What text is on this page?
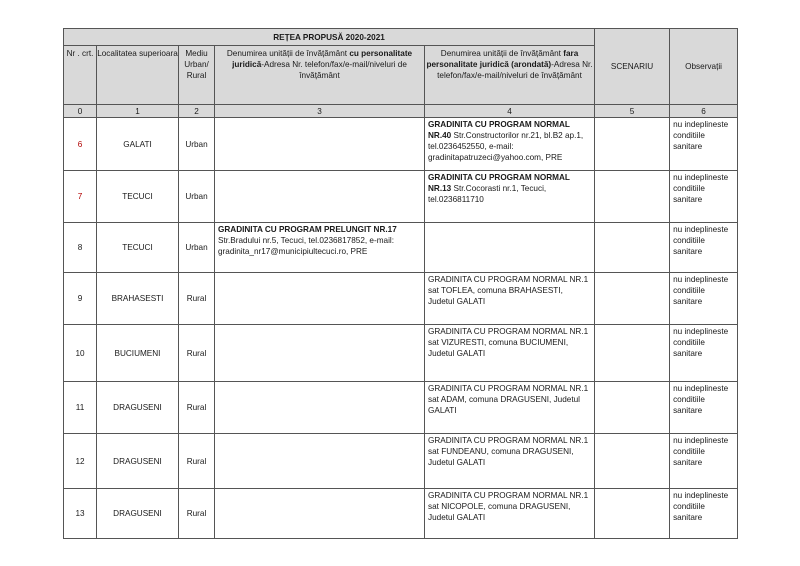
REȚEA PROPUSĂ 2020-2021					SCENARIU	Observații
Nr . crt.	Localitatea superioara	Mediu Urban/ Rural	Denumirea unității de învățământ cu personalitate juridică-Adresa Nr. telefon/fax/e-mail/niveluri de învățământ	Denumirea unității de învățământ fara personalitate juridică (arondată)-Adresa Nr. telefon/fax/e-mail/niveluri de învățământ		
0	1	2	3	4	5	6
6	GALATI	Urban		GRADINITA CU PROGRAM NORMAL NR.40 Str.Constructorilor nr.21, bl.B2 ap.1, tel.0236452550, e-mail: gradinitapatruzeci@yahoo.com, PRE		nu indeplineste conditiile sanitare
7	TECUCI	Urban		GRADINITA CU PROGRAM NORMAL NR.13 Str.Cocorasti nr.1, Tecuci, tel.0236811710		nu indeplineste conditiile sanitare
8	TECUCI	Urban	GRADINITA CU PROGRAM PRELUNGIT NR.17 Str.Bradului nr.5, Tecuci, tel.0236817852, e-mail: gradinita_nr17@municipiultecuci.ro, PRE			nu indeplineste conditiile sanitare
9	BRAHASESTI	Rural		GRADINITA CU PROGRAM NORMAL NR.1 sat TOFLEA, comuna BRAHASESTI, Judetul GALATI		nu indeplineste conditiile sanitare
10	BUCIUMENI	Rural		GRADINITA CU PROGRAM NORMAL NR.1 sat VIZURESTI, comuna BUCIUMENI, Judetul GALATI		nu indeplineste conditiile sanitare
11	DRAGUSENI	Rural		GRADINITA CU PROGRAM NORMAL NR.1 sat ADAM, comuna DRAGUSENI, Judetul GALATI		nu indeplineste conditiile sanitare
12	DRAGUSENI	Rural		GRADINITA CU PROGRAM NORMAL NR.1 sat FUNDEANU, comuna DRAGUSENI, Judetul GALATI		nu indeplineste conditiile sanitare
13	DRAGUSENI	Rural		GRADINITA CU PROGRAM NORMAL NR.1 sat NICOPOLE, comuna DRAGUSENI, Judetul GALATI		nu indeplineste conditiile sanitare
